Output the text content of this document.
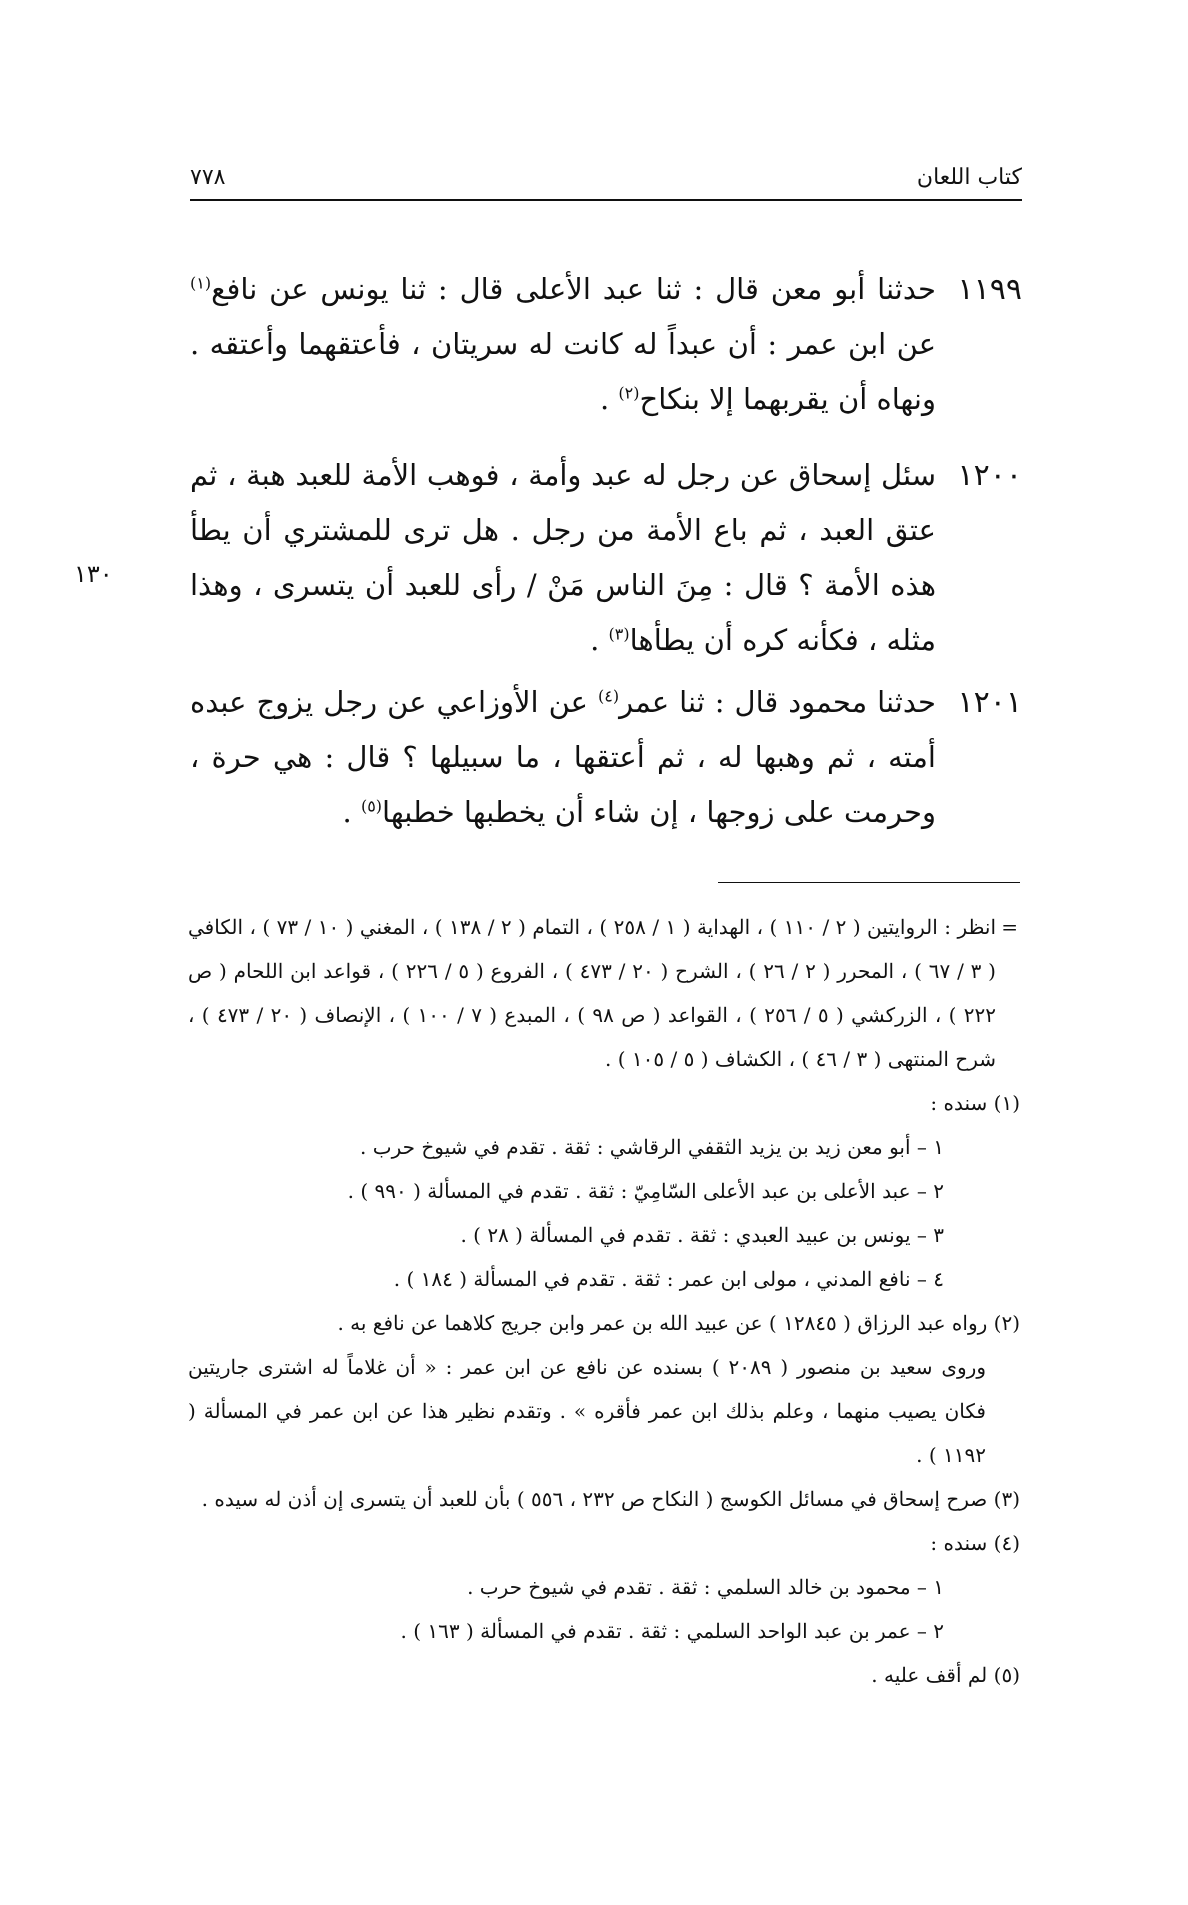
كتاب اللعان
٧٧٨
١١٩٩
حدثنا أبو معن قال : ثنا عبد الأعلى قال : ثنا يونس عن نافع$^{(١)}$ عن ابن عمر : أن عبداً له كانت له سريتان ، فأعتقهما وأعتقه . ونهاه أن يقربهما إلا بنكاح$^{(٢)}$ .
١٢٠٠
سئل إسحاق عن رجل له عبد وأمة ، فوهب الأمة للعبد هبة ، ثم عتق العبد ، ثم باع الأمة من رجل . هل ترى للمشتري أن يطأ هذه الأمة ؟ قال : مِنَ الناس مَنْ / رأى للعبد أن يتسرى ، وهذا مثله ، فكأنه كره أن يطأها$^{(٣)}$ .
١٣٠
١٢٠١
حدثنا محمود قال : ثنا عمر$^{(٤)}$ عن الأوزاعي عن رجل يزوج عبده أمته ، ثم وهبها له ، ثم أعتقها ، ما سبيلها ؟ قال : هي حرة ، وحرمت على زوجها ، إن شاء أن يخطبها خطبها$^{(٥)}$ .
=
انظر : الروايتين ( ٢ / ١١٠ ) ، الهداية ( ١ / ٢٥٨ ) ، التمام ( ٢ / ١٣٨ ) ، المغني ( ١٠ / ٧٣ ) ، الكافي ( ٣ / ٦٧ ) ، المحرر ( ٢ / ٢٦ ) ، الشرح ( ٢٠ / ٤٧٣ ) ، الفروع ( ٥ / ٢٢٦ ) ، قواعد ابن اللحام ( ص ٢٢٢ ) ، الزركشي ( ٥ / ٢٥٦ ) ، القواعد ( ص ٩٨ ) ، المبدع ( ٧ / ١٠٠ ) ، الإنصاف ( ٢٠ / ٤٧٣ ) ، شرح المنتهى ( ٣ / ٤٦ ) ، الكشاف ( ٥ / ١٠٥ ) .
(١) سنده :
١ – أبو معن زيد بن يزيد الثقفي الرقاشي : ثقة . تقدم في شيوخ حرب .
٢ – عبد الأعلى بن عبد الأعلى السّامِيّ : ثقة . تقدم في المسألة ( ٩٩٠ ) .
٣ – يونس بن عبيد العبدي : ثقة . تقدم في المسألة ( ٢٨ ) .
٤ – نافع المدني ، مولى ابن عمر : ثقة . تقدم في المسألة ( ١٨٤ ) .
(٢) رواه عبد الرزاق ( ١٢٨٤٥ ) عن عبيد الله بن عمر وابن جريج كلاهما عن نافع به .
وروى سعيد بن منصور ( ٢٠٨٩ ) بسنده عن نافع عن ابن عمر : « أن غلاماً له اشترى جاريتين فكان يصيب منهما ، وعلم بذلك ابن عمر فأقره » . وتقدم نظير هذا عن ابن عمر في المسألة ( ١١٩٢ ) .
(٣) صرح إسحاق في مسائل الكوسج ( النكاح ص ٢٣٢ ، ٥٥٦ ) بأن للعبد أن يتسرى إن أذن له سيده .
(٤) سنده :
١ – محمود بن خالد السلمي : ثقة . تقدم في شيوخ حرب .
٢ – عمر بن عبد الواحد السلمي : ثقة . تقدم في المسألة ( ١٦٣ ) .
(٥) لم أقف عليه .
